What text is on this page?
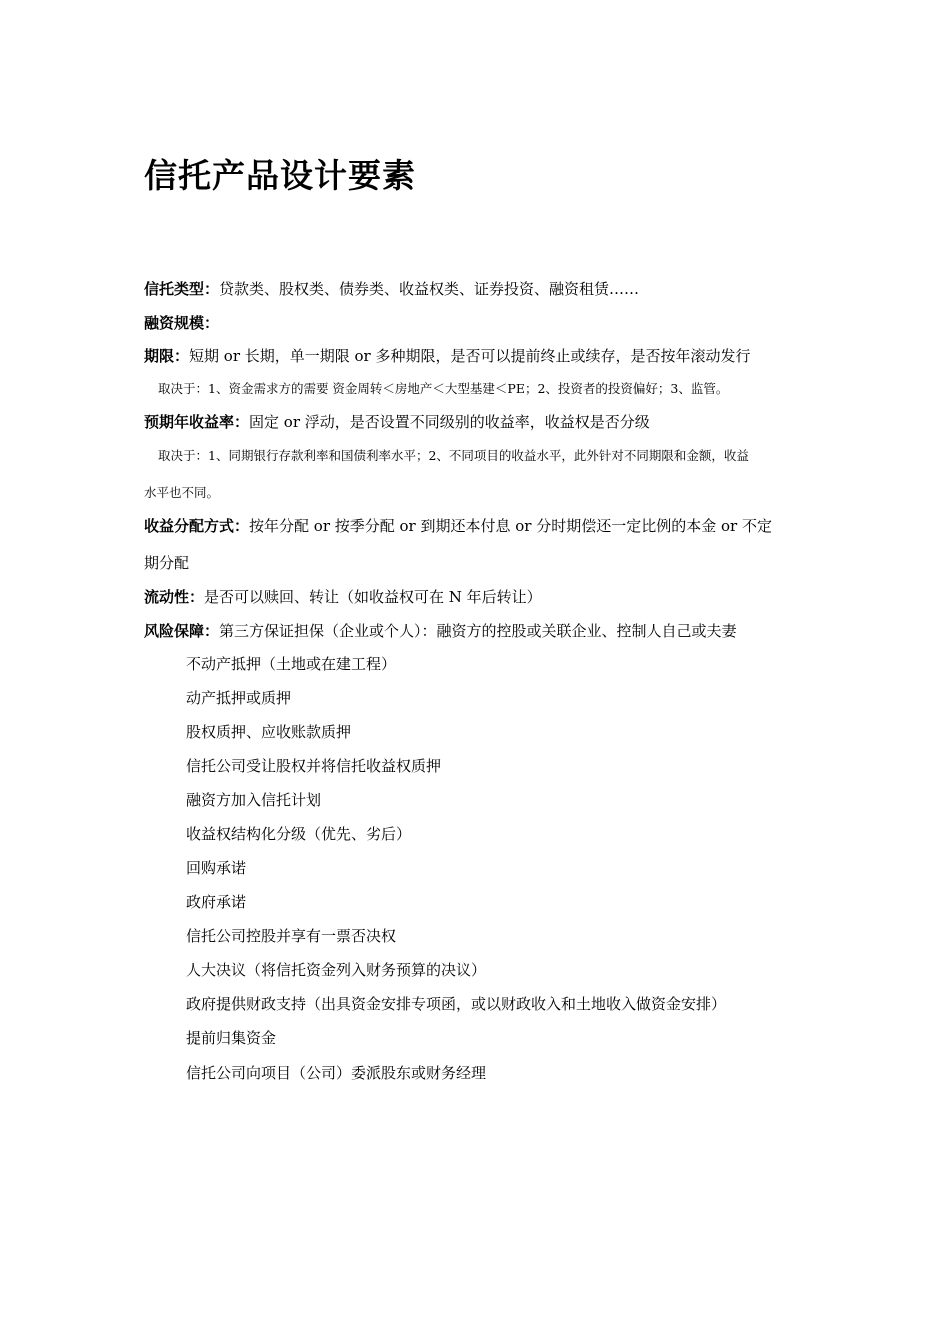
信托产品设计要素
信托类型：贷款类、股权类、债券类、收益权类、证券投资、融资租赁……
融资规模：
期限：短期 or 长期，单一期限 or 多种期限，是否可以提前终止或续存，是否按年滚动发行
取决于：1、资金需求方的需要 资金周转＜房地产＜大型基建＜PE；2、投资者的投资偏好；3、监管。
预期年收益率：固定 or 浮动，是否设置不同级别的收益率，收益权是否分级
取决于：1、同期银行存款利率和国债利率水平；2、不同项目的收益水平，此外针对不同期限和金额，收益
水平也不同。
收益分配方式：按年分配 or 按季分配 or 到期还本付息 or 分时期偿还一定比例的本金 or 不定
期分配
流动性：是否可以赎回、转让（如收益权可在 N 年后转让）
风险保障：第三方保证担保（企业或个人）：融资方的控股或关联企业、控制人自己或夫妻
不动产抵押（土地或在建工程）
动产抵押或质押
股权质押、应收账款质押
信托公司受让股权并将信托收益权质押
融资方加入信托计划
收益权结构化分级（优先、劣后）
回购承诺
政府承诺
信托公司控股并享有一票否决权
人大决议（将信托资金列入财务预算的决议）
政府提供财政支持（出具资金安排专项函，或以财政收入和土地收入做资金安排）
提前归集资金
信托公司向项目（公司）委派股东或财务经理
